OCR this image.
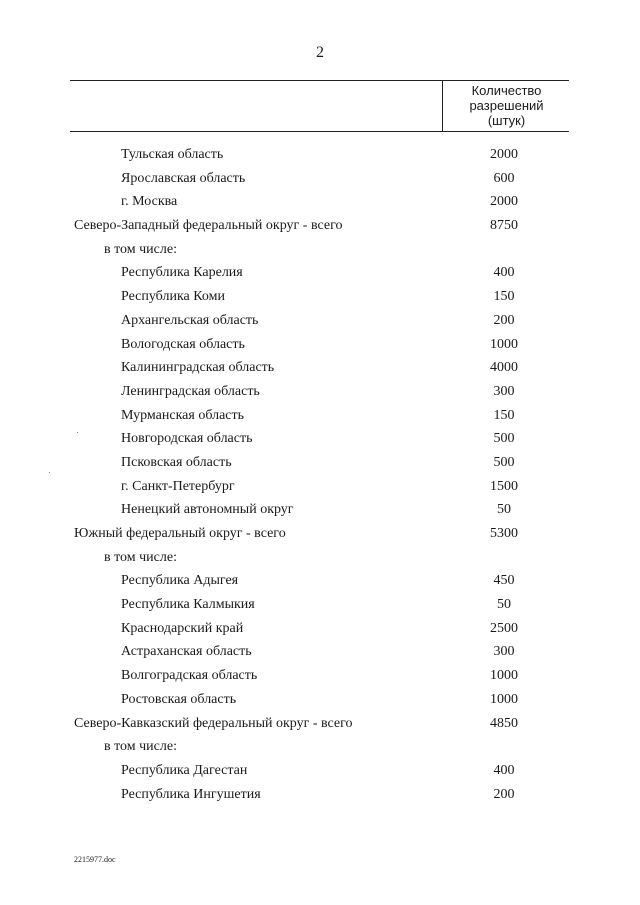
2
Количество
разрешений
(штук)
Тульская область	2000
Ярославская область	600
г. Москва	2000
Северо-Западный федеральный округ - всего	8750
в том числе:
Республика Карелия	400
Республика Коми	150
Архангельская область	200
Вологодская область	1000
Калининградская область	4000
Ленинградская область	300
Мурманская область	150
Новгородская область	500
Псковская область	500
г. Санкт-Петербург	1500
Ненецкий автономный округ	50
Южный федеральный округ - всего	5300
в том числе:
Республика Адыгея	450
Республика Калмыкия	50
Краснодарский край	2500
Астраханская область	300
Волгоградская область	1000
Ростовская область	1000
Северо-Кавказский федеральный округ - всего	4850
в том числе:
Республика Дагестан	400
Республика Ингушетия	200
2215977.doc
